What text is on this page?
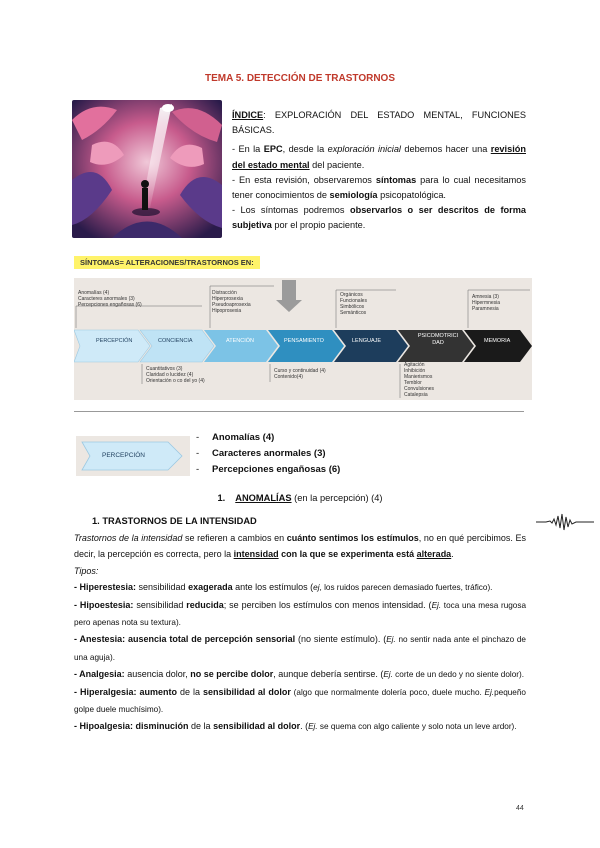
TEMA 5. DETECCIÓN DE TRASTORNOS

ÍNDICE: EXPLORACIÓN DEL ESTADO MENTAL, FUNCIONES BÁSICAS.

- En la EPC, desde la exploración inicial debemos hacer una revisión del estado mental del paciente.

- En esta revisión, observaremos síntomas para lo cual necesitamos tener conocimientos de semiología psicopatológica.

- Los síntomas podremos observarlos o ser descritos de forma subjetiva por el propio paciente.

SÍNTOMAS= ALTERACIONES/TRASTORNOS EN:
PERCEPCIÓN	CONCIENCIA	ATENCIÓN	PENSAMIENTO	LENGUAJE
PSICOMOTRICI DAD	MEMORIA
Anomalías (4)
Caracteres anormales (3)
Percepciones engañosas (6)
Distracción
Hiperprosexia
Pseudoaprosexia
Hipoprosexia
Orgánicos
Funcionales
Simbólicos
Semánticos
Amnesia (3)
Hipermnesia
Paramnesia
Cuantitativos (3)
Claridad o lucidez (4)
Orientación o co del yo (4)
Curso y continuidad (4)
Contenido(4)
Agitación
Inhibición
Manierismos
Temblor
Convulsiones
Catalepsia
PERCEPCIÓN
- Anomalías (4)
- Caracteres anormales (3)
- Percepciones engañosas (6)
1. ANOMALÍAS (en la percepción) (4)
1. TRASTORNOS DE LA INTENSIDAD

Trastornos de la intensidad se refieren a cambios en cuánto sentimos los estímulos, no en qué percibimos. Es decir, la percepción es correcta, pero la intensidad con la que se experimenta está alterada.

Tipos:

- Hiperestesia: sensibilidad exagerada ante los estímulos (ej, los ruidos parecen demasiado fuertes, tráfico).

- Hipoestesia: sensibilidad reducida; se perciben los estímulos con menos intensidad. (Ej. toca una mesa rugosa pero apenas nota su textura).

- Anestesia: ausencia total de percepción sensorial (no siente estímulo). (Ej. no sentir nada ante el pinchazo de una aguja).

- Analgesia: ausencia dolor, no se percibe dolor, aunque debería sentirse. (Ej. corte de un dedo y no siente dolor).

- Hiperalgesia: aumento de la sensibilidad al dolor (algo que normalmente dolería poco, duele mucho. Ej.pequeño golpe duele muchísimo).

- Hipoalgesia: disminución de la sensibilidad al dolor. (Ej. se quema con algo caliente y solo nota un leve ardor).

44
